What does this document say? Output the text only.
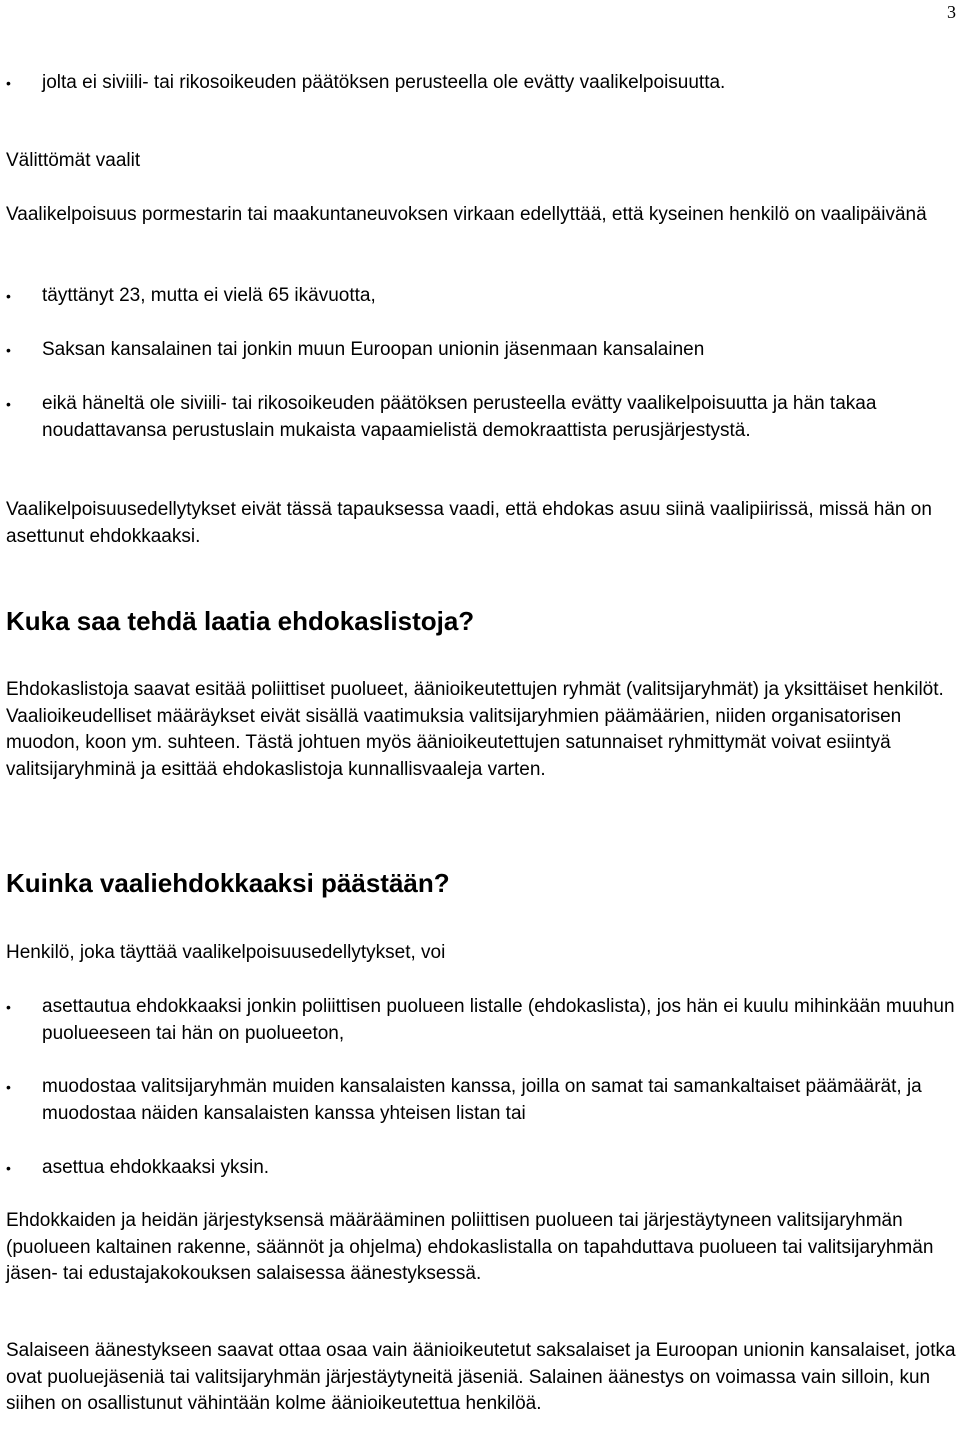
3
•	jolta ei siviili- tai rikosoikeuden päätöksen perusteella ole evätty vaalikelpoisuutta.

Välittömät vaalit

Vaalikelpoisuus pormestarin tai maakuntaneuvoksen virkaan edellyttää, että kyseinen henkilö on vaalipäivänä

•	täyttänyt 23, mutta ei vielä 65 ikävuotta,
•	Saksan kansalainen tai jonkin muun Euroopan unionin jäsenmaan kansalainen
•	eikä häneltä ole siviili- tai rikosoikeuden päätöksen perusteella evätty vaalikelpoisuutta ja hän takaa noudattavansa perustuslain mukaista vapaamielistä demokraattista perusjärjestystä.

Vaalikelpoisuusedellytykset eivät tässä tapauksessa vaadi, että ehdokas asuu siinä vaalipiirissä, missä hän on asettunut ehdokkaaksi.

Kuka saa tehdä laatia ehdokaslistoja?

Ehdokaslistoja saavat esitää poliittiset puolueet, äänioikeutettujen ryhmät (valitsijaryhmät) ja yksittäiset henkilöt. Vaalioikeudelliset määräykset eivät sisällä vaatimuksia valitsijaryhmien päämäärien, niiden organisatorisen muodon, koon ym. suhteen. Tästä johtuen myös äänioikeutettujen satunnaiset ryhmittymät voivat esiintyä valitsijaryhminä ja esittää ehdokaslistoja kunnallisvaaleja varten.

Kuinka vaaliehdokkaaksi päästään?

Henkilö, joka täyttää vaalikelpoisuusedellytykset, voi

•	asettautua ehdokkaaksi jonkin poliittisen puolueen listalle (ehdokaslista), jos hän ei kuulu mihinkään muuhun puolueeseen tai hän on puolueeton,
•	muodostaa valitsijaryhmän muiden kansalaisten kanssa, joilla on samat tai samankaltaiset päämäärät, ja muodostaa näiden kansalaisten kanssa yhteisen listan tai
•	asettua ehdokkaaksi yksin.

Ehdokkaiden ja heidän järjestyksensä määrääminen poliittisen puolueen tai järjestäytyneen valitsijaryhmän (puolueen kaltainen rakenne, säännöt ja ohjelma) ehdokaslistalla on tapahduttava puolueen tai valitsijaryhmän jäsen- tai edustajakokouksen salaisessa äänestyksessä.

Salaiseen äänestykseen saavat ottaa osaa vain äänioikeutetut saksalaiset ja Euroopan unionin kansalaiset, jotka ovat puoluejäseniä tai valitsijaryhmän järjestäytyneitä jäseniä. Salainen äänestys on voimassa vain silloin, kun siihen on osallistunut vähintään kolme äänioikeutettua henkilöä.
